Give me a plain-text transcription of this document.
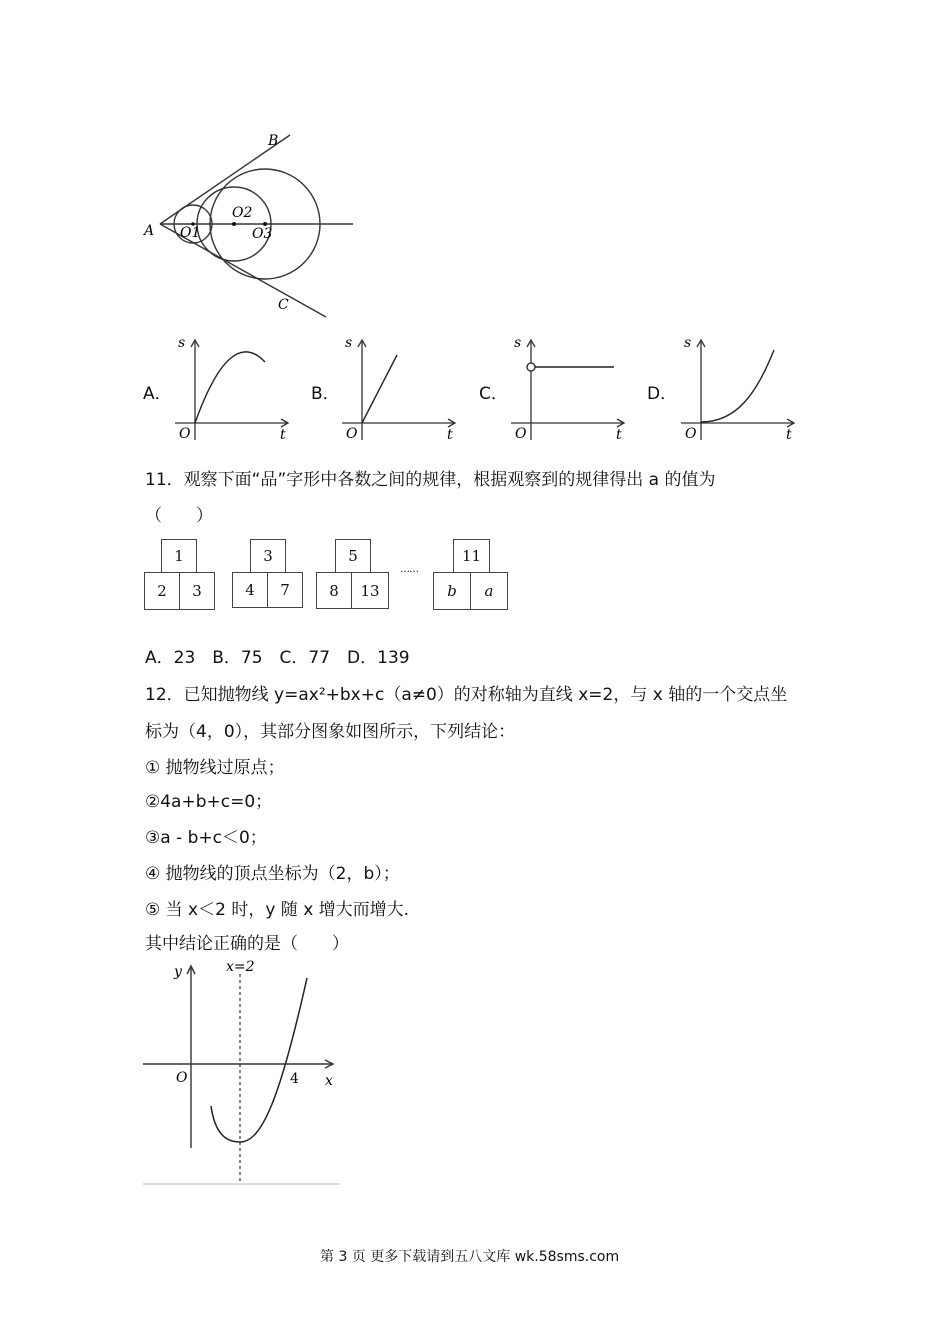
A
B
C
O1
O2
O3
A．
s
O	t
B．
s
O	t
C．
s
O	t
D．
s
O	t
11．观察下面“品”字形中各数之间的规律，根据观察到的规律得出 a 的值为
（　　）
1
2	3
3
4	7
5
8	13
……
11
b	a
A．23　B．75　C．77　D．139
12．已知抛物线 y=ax²+bx+c（a≠0）的对称轴为直线 x=2，与 x 轴的一个交点坐
标为（4，0），其部分图象如图所示，下列结论：
① 抛物线过原点；
②4a+b+c=0；
③a - b+c＜0；
④ 抛物线的顶点坐标为（2，b）；
⑤ 当 x＜2 时，y 随 x 增大而增大.
其中结论正确的是（　　）
y	x=2
O	4 x
第 3 页 更多下载请到五八文库 wk.58sms.com
